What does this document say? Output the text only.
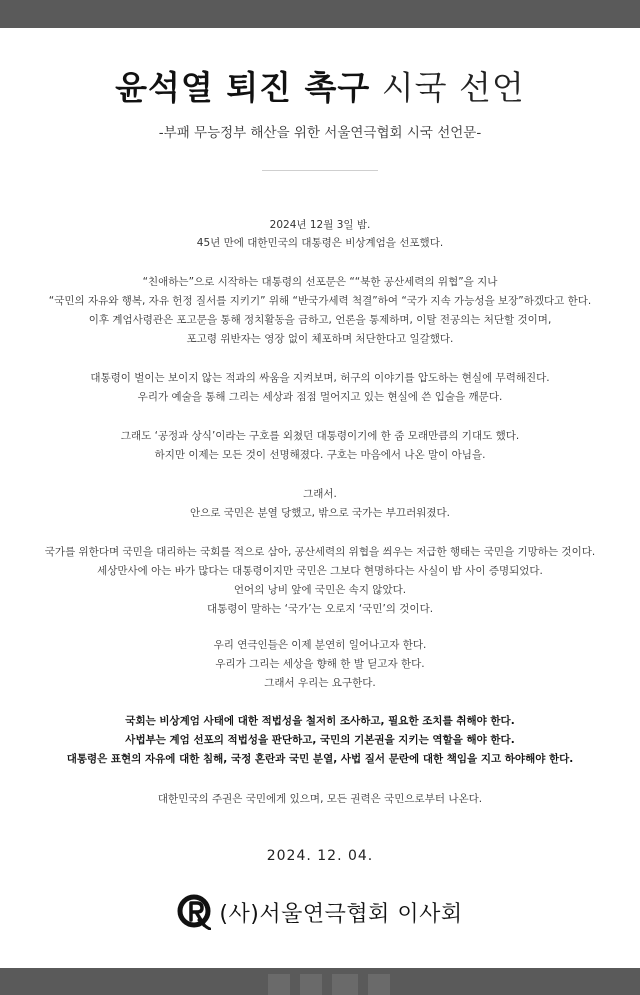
윤석열 퇴진 촉구 시국 선언
-부패 무능정부 해산을 위한 서울연극협회 시국 선언문-
2024년 12월 3일 밤.
45년 만에 대한민국의 대통령은 비상계엄을 선포했다.
“친애하는”으로 시작하는 대통령의 선포문은 ““북한 공산세력의 위협”을 지나
“국민의 자유와 행복, 자유 헌정 질서를 지키기” 위해 “반국가세력 척결”하여 “국가 지속 가능성을 보장”하겠다고 한다.
이후 계엄사령관은 포고문을 통해 정치활동을 금하고, 언론을 통제하며, 이탈 전공의는 처단할 것이며,
포고령 위반자는 영장 없이 체포하며 처단한다고 일갈했다.
대통령이 벌이는 보이지 않는 적과의 싸움을 지켜보며, 허구의 이야기를 압도하는 현실에 무력해진다.
우리가 예술을 통해 그리는 세상과 점점 멀어지고 있는 현실에 쓴 입술을 깨문다.
그래도 ‘공정과 상식’이라는 구호를 외쳤던 대통령이기에 한 줌 모래만큼의 기대도 했다.
하지만 이제는 모든 것이 선명해졌다. 구호는 마음에서 나온 말이 아님을.
그래서.
안으로 국민은 분열 당했고, 밖으로 국가는 부끄러워졌다.
국가를 위한다며 국민을 대리하는 국회를 적으로 삼아, 공산세력의 위협을 씌우는 저급한 행태는 국민을 기망하는 것이다.
세상만사에 아는 바가 많다는 대통령이지만 국민은 그보다 현명하다는 사실이 밤 사이 증명되었다.
언어의 낭비 앞에 국민은 속지 않았다.
대통령이 말하는 ‘국가’는 오로지 ‘국민’의 것이다.
우리 연극인들은 이제 분연히 일어나고자 한다.
우리가 그리는 세상을 향해 한 발 딛고자 한다.
그래서 우리는 요구한다.
국회는 비상계엄 사태에 대한 적법성을 철저히 조사하고, 필요한 조치를 취해야 한다.
사법부는 계엄 선포의 적법성을 판단하고, 국민의 기본권을 지키는 역할을 해야 한다.
대통령은 표현의 자유에 대한 침해, 국정 혼란과 국민 분열, 사법 질서 문란에 대한 책임을 지고 하야해야 한다.
대한민국의 주권은 국민에게 있으며, 모든 권력은 국민으로부터 나온다.
2024. 12. 04.
(사)서울연극협회 이사회
